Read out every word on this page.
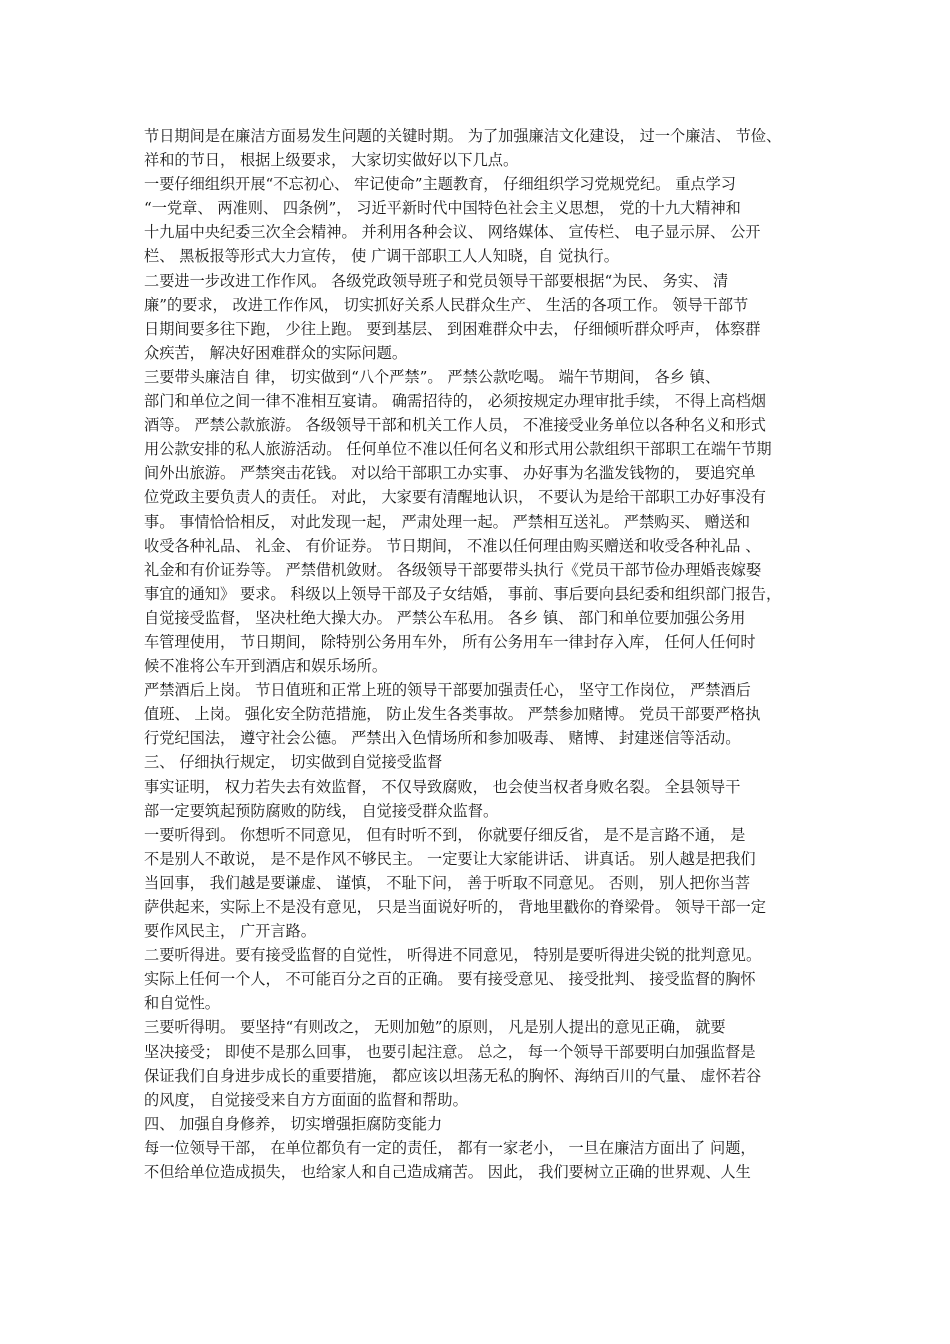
节日期间是在廉洁方面易发生问题的关键时期。 为了加强廉洁文化建设， 过一个廉洁、 节俭、
祥和的节日， 根据上级要求， 大家切实做好以下几点。
一要仔细组织开展“不忘初心、 牢记使命”主题教育， 仔细组织学习党规党纪。 重点学习
“一党章、 两准则、 四条例”， 习近平新时代中国特色社会主义思想， 党的十九大精神和
十九届中央纪委三次全会精神。 并利用各种会议、 网络媒体、 宣传栏、 电子显示屏、 公开
栏、 黑板报等形式大力宣传， 使 广调干部职工人人知晓，自 觉执行。
二要进一步改进工作作风。 各级党政领导班子和党员领导干部要根据“为民、 务实、 清
廉”的要求， 改进工作作风， 切实抓好关系人民群众生产、 生活的各项工作。 领导干部节
日期间要多往下跑， 少往上跑。 要到基层、 到困难群众中去， 仔细倾听群众呼声， 体察群
众疾苦， 解决好困难群众的实际问题。
三要带头廉洁自 律， 切实做到“八个严禁”。 严禁公款吃喝。 端午节期间， 各乡 镇、
部门和单位之间一律不准相互宴请。 确需招待的， 必须按规定办理审批手续， 不得上高档烟
酒等。 严禁公款旅游。 各级领导干部和机关工作人员， 不准接受业务单位以各种名义和形式
用公款安排的私人旅游活动。 任何单位不准以任何名义和形式用公款组织干部职工在端午节期
间外出旅游。 严禁突击花钱。 对以给干部职工办实事、 办好事为名滥发钱物的， 要追究单
位党政主要负责人的责任。 对此， 大家要有清醒地认识， 不要认为是给干部职工办好事没有
事。 事情恰恰相反， 对此发现一起， 严肃处理一起。 严禁相互送礼。 严禁购买、 赠送和
收受各种礼品、 礼金、 有价证券。 节日期间， 不准以任何理由购买赠送和收受各种礼品 、
礼金和有价证券等。 严禁借机敛财。 各级领导干部要带头执行《党员干部节俭办理婚丧嫁娶
事宜的通知》 要求。 科级以上领导干部及子女结婚， 事前、事后要向县纪委和组织部门报告，
自觉接受监督， 坚决杜绝大操大办。 严禁公车私用。 各乡 镇、 部门和单位要加强公务用
车管理使用， 节日期间， 除特别公务用车外， 所有公务用车一律封存入库， 任何人任何时
候不准将公车开到酒店和娱乐场所。
严禁酒后上岗。 节日值班和正常上班的领导干部要加强责任心， 坚守工作岗位， 严禁酒后
值班、 上岗。 强化安全防范措施， 防止发生各类事故。 严禁参加赌博。 党员干部要严格执
行党纪国法， 遵守社会公德。 严禁出入色情场所和参加吸毒、 赌博、 封建迷信等活动。
三、 仔细执行规定， 切实做到自觉接受监督
事实证明， 权力若失去有效监督， 不仅导致腐败， 也会使当权者身败名裂。 全县领导干
部一定要筑起预防腐败的防线， 自觉接受群众监督。
一要听得到。 你想听不同意见， 但有时听不到， 你就要仔细反省， 是不是言路不通， 是
不是别人不敢说， 是不是作风不够民主。 一定要让大家能讲话、 讲真话。 别人越是把我们
当回事， 我们越是要谦虚、 谨慎， 不耻下问， 善于听取不同意见。 否则， 别人把你当菩
萨供起来，实际上不是没有意见， 只是当面说好听的， 背地里戳你的脊梁骨。 领导干部一定
要作风民主， 广开言路。
二要听得进。要有接受监督的自觉性， 听得进不同意见， 特别是要听得进尖锐的批判意见。
实际上任何一个人， 不可能百分之百的正确。 要有接受意见、 接受批判、 接受监督的胸怀
和自觉性。
三要听得明。 要坚持“有则改之， 无则加勉”的原则， 凡是别人提出的意见正确， 就要
坚决接受； 即使不是那么回事， 也要引起注意。 总之， 每一个领导干部要明白加强监督是
保证我们自身进步成长的重要措施， 都应该以坦荡无私的胸怀、海纳百川的气量、 虚怀若谷
的风度， 自觉接受来自方方面面的监督和帮助。
四、 加强自身修养， 切实增强拒腐防变能力
每一位领导干部， 在单位都负有一定的责任， 都有一家老小， 一旦在廉洁方面出了 问题，
不但给单位造成损失， 也给家人和自己造成痛苦。 因此， 我们要树立正确的世界观、人生
